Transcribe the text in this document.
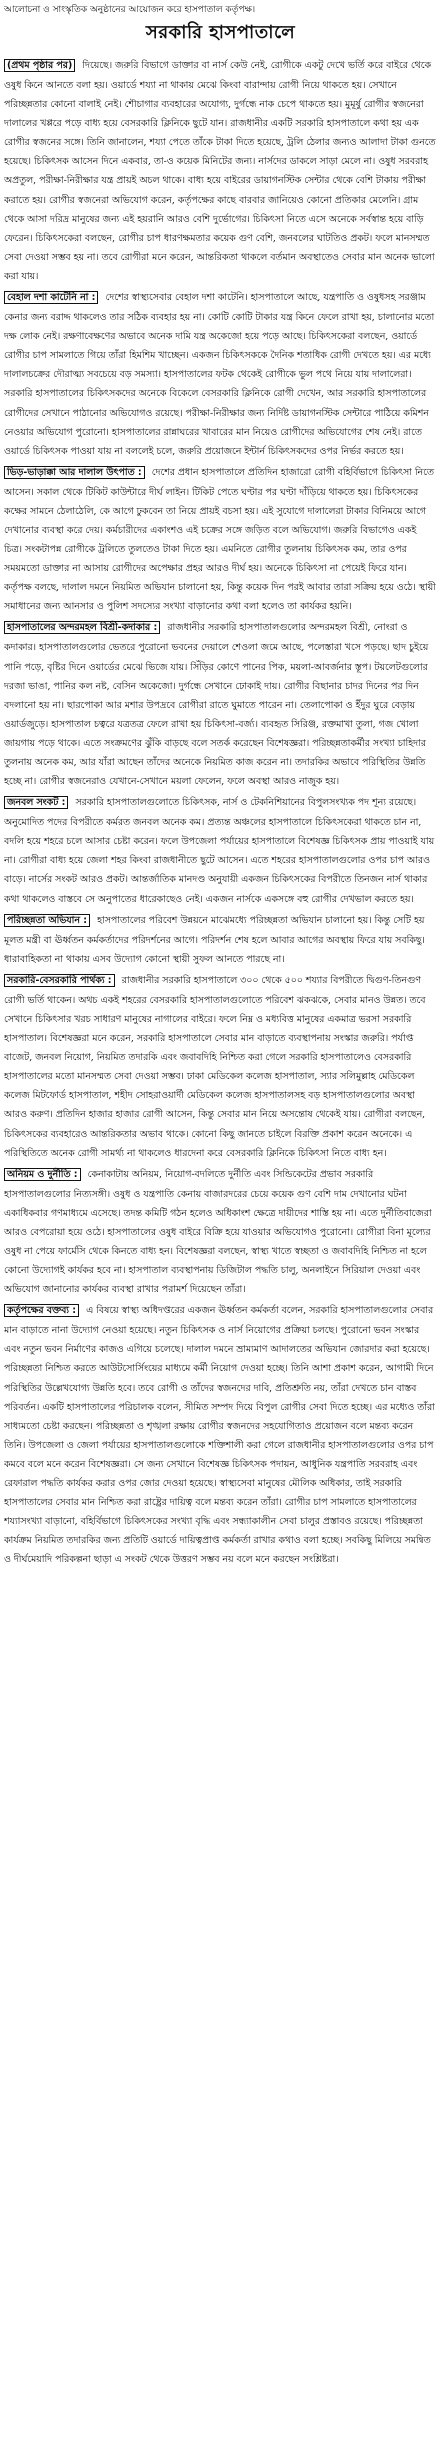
আলোচনা ও সাংস্কৃতিক অনুষ্ঠানের আয়োজন করে হাসপাতাল কর্তৃপক্ষ।
সরকারি হাসপাতালে
(প্রথম পৃষ্ঠার পর) দিয়েছে। জরুরি বিভাগে ডাক্তার বা নার্স কেউ নেই, রোগীকে একটু দেখে ভর্তি করে বাইরে থেকে ওষুধ কিনে আনতে বলা হয়। ওয়ার্ডে শয্যা না থাকায় মেঝে কিংবা বারান্দায় রোগী নিয়ে থাকতে হয়। সেখানে পরিচ্ছন্নতার কোনো বালাই নেই। শৌচাগার ব্যবহারের অযোগ্য, দুর্গন্ধে নাক চেপে থাকতে হয়। মুমূর্ষু রোগীর স্বজনেরা দালালের খপ্পরে পড়ে বাধ্য হয়ে বেসরকারি ক্লিনিকে ছুটে যান। রাজধানীর একটি সরকারি হাসপাতালে কথা হয় এক রোগীর স্বজনের সঙ্গে। তিনি জানালেন, শয্যা পেতে তাঁকে টাকা দিতে হয়েছে, ট্রলি ঠেলার জন্যও আলাদা টাকা গুনতে হয়েছে। চিকিৎসক আসেন দিনে একবার, তা-ও কয়েক মিনিটের জন্য। নার্সদের ডাকলে সাড়া মেলে না। ওষুধ সরবরাহ অপ্রতুল, পরীক্ষা-নিরীক্ষার যন্ত্র প্রায়ই অচল থাকে। বাধ্য হয়ে বাইরের ডায়াগনস্টিক সেন্টার থেকে বেশি টাকায় পরীক্ষা করাতে হয়। রোগীর স্বজনেরা অভিযোগ করেন, কর্তৃপক্ষের কাছে বারবার জানিয়েও কোনো প্রতিকার মেলেনি। গ্রাম থেকে আসা দরিদ্র মানুষের জন্য এই হয়রানি আরও বেশি দুর্ভোগের। চিকিৎসা নিতে এসে অনেকে সর্বস্বান্ত হয়ে বাড়ি ফেরেন। চিকিৎসকেরা বলছেন, রোগীর চাপ ধারণক্ষমতার কয়েক গুণ বেশি, জনবলের ঘাটতিও প্রকট। ফলে মানসম্মত সেবা দেওয়া সম্ভব হয় না। তবে রোগীরা মনে করেন, আন্তরিকতা থাকলে বর্তমান অবস্থাতেও সেবার মান অনেক ভালো করা যায়।
বেহাল দশা কাটেনি না : দেশের স্বাস্থ্যসেবার বেহাল দশা কাটেনি। হাসপাতালে আছে, যন্ত্রপাতি ও ওষুধসহ সরঞ্জাম কেনার জন্য বরাদ্দ থাকলেও তার সঠিক ব্যবহার হয় না। কোটি কোটি টাকার যন্ত্র কিনে ফেলে রাখা হয়, চালানোর মতো দক্ষ লোক নেই। রক্ষণাবেক্ষণের অভাবে অনেক দামি যন্ত্র অকেজো হয়ে পড়ে আছে। চিকিৎসকেরা বলছেন, ওয়ার্ডে রোগীর চাপ সামলাতে গিয়ে তাঁরা হিমশিম খাচ্ছেন। একজন চিকিৎসককে দৈনিক শতাধিক রোগী দেখতে হয়। এর মধ্যে দালালচক্রের দৌরাত্ম্য সবচেয়ে বড় সমস্যা। হাসপাতালের ফটক থেকেই রোগীকে ভুল পথে নিয়ে যায় দালালেরা। সরকারি হাসপাতালের চিকিৎসকদের অনেকে বিকেলে বেসরকারি ক্লিনিকে রোগী দেখেন, আর সরকারি হাসপাতালের রোগীদের সেখানে পাঠানোর অভিযোগও রয়েছে। পরীক্ষা-নিরীক্ষার জন্য নির্দিষ্ট ডায়াগনস্টিক সেন্টারে পাঠিয়ে কমিশন নেওয়ার অভিযোগ পুরোনো। হাসপাতালের রান্নাঘরের খাবারের মান নিয়েও রোগীদের অভিযোগের শেষ নেই। রাতে ওয়ার্ডে চিকিৎসক পাওয়া যায় না বললেই চলে, জরুরি প্রয়োজনে ইন্টার্ন চিকিৎসকদের ওপর নির্ভর করতে হয়।
ভিড়-ভাড়াক্কা আর দালাল উৎপাত : দেশের প্রধান হাসপাতালে প্রতিদিন হাজারো রোগী বহির্বিভাগে চিকিৎসা নিতে আসেন। সকাল থেকে টিকিট কাউন্টারে দীর্ঘ লাইন। টিকিট পেতে ঘণ্টার পর ঘণ্টা দাঁড়িয়ে থাকতে হয়। চিকিৎসকের কক্ষের সামনে ঠেলাঠেলি, কে আগে ঢুকবেন তা নিয়ে প্রায়ই বচসা হয়। এই সুযোগে দালালেরা টাকার বিনিময়ে আগে দেখানোর ব্যবস্থা করে দেয়। কর্মচারীদের একাংশও এই চক্রের সঙ্গে জড়িত বলে অভিযোগ। জরুরি বিভাগেও একই চিত্র। সংকটাপন্ন রোগীকে ট্রলিতে তুলতেও টাকা দিতে হয়। এমনিতে রোগীর তুলনায় চিকিৎসক কম, তার ওপর সময়মতো ডাক্তার না আসায় রোগীদের অপেক্ষার প্রহর আরও দীর্ঘ হয়। অনেকে চিকিৎসা না পেয়েই ফিরে যান। কর্তৃপক্ষ বলছে, দালাল দমনে নিয়মিত অভিযান চালানো হয়, কিন্তু কয়েক দিন পরই আবার তারা সক্রিয় হয়ে ওঠে। স্থায়ী সমাধানের জন্য আনসার ও পুলিশ সদস্যের সংখ্যা বাড়ানোর কথা বলা হলেও তা কার্যকর হয়নি।
হাসপাতালের অন্দরমহল বিশ্রী-কদাকার : রাজধানীর সরকারি হাসপাতালগুলোর অন্দরমহল বিশ্রী, নোংরা ও কদাকার। হাসপাতালগুলোর ভেতরে পুরোনো ভবনের দেয়ালে শেওলা জমে আছে, পলেস্তারা খসে পড়ছে। ছাদ চুইয়ে পানি পড়ে, বৃষ্টির দিনে ওয়ার্ডের মেঝে ভিজে যায়। সিঁড়ির কোণে পানের পিক, ময়লা-আবর্জনার স্তূপ। টয়লেটগুলোর দরজা ভাঙা, পানির কল নষ্ট, বেসিন অকেজো। দুর্গন্ধে সেখানে ঢোকাই দায়। রোগীর বিছানার চাদর দিনের পর দিন বদলানো হয় না। ছারপোকা আর মশার উপদ্রবে রোগীরা রাতে ঘুমাতে পারেন না। তেলাপোকা ও ইঁদুর ঘুরে বেড়ায় ওয়ার্ডজুড়ে। হাসপাতাল চত্বরে যত্রতত্র ফেলে রাখা হয় চিকিৎসা-বর্জ্য। ব্যবহৃত সিরিঞ্জ, রক্তমাখা তুলা, গজ খোলা জায়গায় পড়ে থাকে। এতে সংক্রমণের ঝুঁকি বাড়ছে বলে সতর্ক করেছেন বিশেষজ্ঞরা। পরিচ্ছন্নতাকর্মীর সংখ্যা চাহিদার তুলনায় অনেক কম, আর যাঁরা আছেন তাঁদের অনেকে নিয়মিত কাজ করেন না। তদারকির অভাবে পরিস্থিতির উন্নতি হচ্ছে না। রোগীর স্বজনেরাও যেখানে-সেখানে ময়লা ফেলেন, ফলে অবস্থা আরও নাজুক হয়।
জনবল সংকট : সরকারি হাসপাতালগুলোতে চিকিৎসক, নার্স ও টেকনিশিয়ানের বিপুলসংখ্যক পদ শূন্য রয়েছে। অনুমোদিত পদের বিপরীতে কর্মরত জনবল অনেক কম। প্রত্যন্ত অঞ্চলের হাসপাতালে চিকিৎসকেরা থাকতে চান না, বদলি হয়ে শহরে চলে আসার চেষ্টা করেন। ফলে উপজেলা পর্যায়ের হাসপাতালে বিশেষজ্ঞ চিকিৎসক প্রায় পাওয়াই যায় না। রোগীরা বাধ্য হয়ে জেলা শহর কিংবা রাজধানীতে ছুটে আসেন। এতে শহরের হাসপাতালগুলোর ওপর চাপ আরও বাড়ে। নার্সের সংকট আরও প্রকট। আন্তর্জাতিক মানদণ্ড অনুযায়ী একজন চিকিৎসকের বিপরীতে তিনজন নার্স থাকার কথা থাকলেও বাস্তবে সে অনুপাতের ধারেকাছেও নেই। একজন নার্সকে একসঙ্গে বহু রোগীর দেখভাল করতে হয়।
পরিচ্ছন্নতা অভিযান : হাসপাতালের পরিবেশ উন্নয়নে মাঝেমধ্যে পরিচ্ছন্নতা অভিযান চালানো হয়। কিন্তু সেটি হয় মূলত মন্ত্রী বা ঊর্ধ্বতন কর্মকর্তাদের পরিদর্শনের আগে। পরিদর্শন শেষ হলে আবার আগের অবস্থায় ফিরে যায় সবকিছু। ধারাবাহিকতা না থাকায় এসব উদ্যোগ কোনো স্থায়ী সুফল আনতে পারছে না।
সরকারি-বেসরকারি পার্থক্য : রাজধানীর সরকারি হাসপাতালে ৩০০ থেকে ৫০০ শয্যার বিপরীতে দ্বিগুণ-তিনগুণ রোগী ভর্তি থাকেন। অথচ একই শহরের বেসরকারি হাসপাতালগুলোতে পরিবেশ ঝকঝকে, সেবার মানও উন্নত। তবে সেখানে চিকিৎসার খরচ সাধারণ মানুষের নাগালের বাইরে। ফলে নিম্ন ও মধ্যবিত্ত মানুষের একমাত্র ভরসা সরকারি হাসপাতাল। বিশেষজ্ঞরা মনে করেন, সরকারি হাসপাতালে সেবার মান বাড়াতে ব্যবস্থাপনায় সংস্কার জরুরি। পর্যাপ্ত বাজেট, জনবল নিয়োগ, নিয়মিত তদারকি এবং জবাবদিহি নিশ্চিত করা গেলে সরকারি হাসপাতালেও বেসরকারি হাসপাতালের মতো মানসম্মত সেবা দেওয়া সম্ভব। ঢাকা মেডিকেল কলেজ হাসপাতাল, স্যার সলিমুল্লাহ মেডিকেল কলেজ মিটফোর্ড হাসপাতাল, শহীদ সোহরাওয়ার্দী মেডিকেল কলেজ হাসপাতালসহ বড় হাসপাতালগুলোর অবস্থা আরও করুণ। প্রতিদিন হাজার হাজার রোগী আসেন, কিন্তু সেবার মান নিয়ে অসন্তোষ থেকেই যায়। রোগীরা বলছেন, চিকিৎসকের ব্যবহারেও আন্তরিকতার অভাব থাকে। কোনো কিছু জানতে চাইলে বিরক্তি প্রকাশ করেন অনেকে। এ পরিস্থিতিতে অনেক রোগী সামর্থ্য না থাকলেও ধারদেনা করে বেসরকারি ক্লিনিকে চিকিৎসা নিতে বাধ্য হন।
অনিয়ম ও দুর্নীতি : কেনাকাটায় অনিয়ম, নিয়োগ-বদলিতে দুর্নীতি এবং সিন্ডিকেটের প্রভাব সরকারি হাসপাতালগুলোর নিত্যসঙ্গী। ওষুধ ও যন্ত্রপাতি কেনায় বাজারদরের চেয়ে কয়েক গুণ বেশি দাম দেখানোর ঘটনা একাধিকবার গণমাধ্যমে এসেছে। তদন্ত কমিটি গঠন হলেও অধিকাংশ ক্ষেত্রে দায়ীদের শাস্তি হয় না। এতে দুর্নীতিবাজেরা আরও বেপরোয়া হয়ে ওঠে। হাসপাতালের ওষুধ বাইরে বিক্রি হয়ে যাওয়ার অভিযোগও পুরোনো। রোগীরা বিনা মূল্যের ওষুধ না পেয়ে ফার্মেসি থেকে কিনতে বাধ্য হন। বিশেষজ্ঞরা বলছেন, স্বাস্থ্য খাতে স্বচ্ছতা ও জবাবদিহি নিশ্চিত না হলে কোনো উদ্যোগই কার্যকর হবে না। হাসপাতাল ব্যবস্থাপনায় ডিজিটাল পদ্ধতি চালু, অনলাইনে সিরিয়াল দেওয়া এবং অভিযোগ জানানোর কার্যকর ব্যবস্থা রাখার পরামর্শ দিয়েছেন তাঁরা।
কর্তৃপক্ষের বক্তব্য : এ বিষয়ে স্বাস্থ্য অধিদপ্তরের একজন ঊর্ধ্বতন কর্মকর্তা বলেন, সরকারি হাসপাতালগুলোর সেবার মান বাড়াতে নানা উদ্যোগ নেওয়া হয়েছে। নতুন চিকিৎসক ও নার্স নিয়োগের প্রক্রিয়া চলছে। পুরোনো ভবন সংস্কার এবং নতুন ভবন নির্মাণের কাজও এগিয়ে চলেছে। দালাল দমনে ভ্রাম্যমাণ আদালতের অভিযান জোরদার করা হয়েছে। পরিচ্ছন্নতা নিশ্চিত করতে আউটসোর্সিংয়ের মাধ্যমে কর্মী নিয়োগ দেওয়া হচ্ছে। তিনি আশা প্রকাশ করেন, আগামী দিনে পরিস্থিতির উল্লেখযোগ্য উন্নতি হবে। তবে রোগী ও তাঁদের স্বজনদের দাবি, প্রতিশ্রুতি নয়, তাঁরা দেখতে চান বাস্তব পরিবর্তন। একটি হাসপাতালের পরিচালক বলেন, সীমিত সম্পদ দিয়ে বিপুল রোগীর সেবা দিতে হচ্ছে। এর মধ্যেও তাঁরা সাধ্যমতো চেষ্টা করছেন। পরিচ্ছন্নতা ও শৃঙ্খলা রক্ষায় রোগীর স্বজনদের সহযোগিতাও প্রয়োজন বলে মন্তব্য করেন তিনি। উপজেলা ও জেলা পর্যায়ের হাসপাতালগুলোকে শক্তিশালী করা গেলে রাজধানীর হাসপাতালগুলোর ওপর চাপ কমবে বলে মনে করেন বিশেষজ্ঞরা। সে জন্য সেখানে বিশেষজ্ঞ চিকিৎসক পদায়ন, আধুনিক যন্ত্রপাতি সরবরাহ এবং রেফারাল পদ্ধতি কার্যকর করার ওপর জোর দেওয়া হয়েছে। স্বাস্থ্যসেবা মানুষের মৌলিক অধিকার, তাই সরকারি হাসপাতালের সেবার মান নিশ্চিত করা রাষ্ট্রের দায়িত্ব বলে মন্তব্য করেন তাঁরা। রোগীর চাপ সামলাতে হাসপাতালের শয্যাসংখ্যা বাড়ানো, বহির্বিভাগে চিকিৎসকের সংখ্যা বৃদ্ধি এবং সন্ধ্যাকালীন সেবা চালুর প্রস্তাবও রয়েছে। পরিচ্ছন্নতা কার্যক্রম নিয়মিত তদারকির জন্য প্রতিটি ওয়ার্ডে দায়িত্বপ্রাপ্ত কর্মকর্তা রাখার কথাও বলা হচ্ছে। সবকিছু মিলিয়ে সমন্বিত ও দীর্ঘমেয়াদি পরিকল্পনা ছাড়া এ সংকট থেকে উত্তরণ সম্ভব নয় বলে মনে করছেন সংশ্লিষ্টরা।
